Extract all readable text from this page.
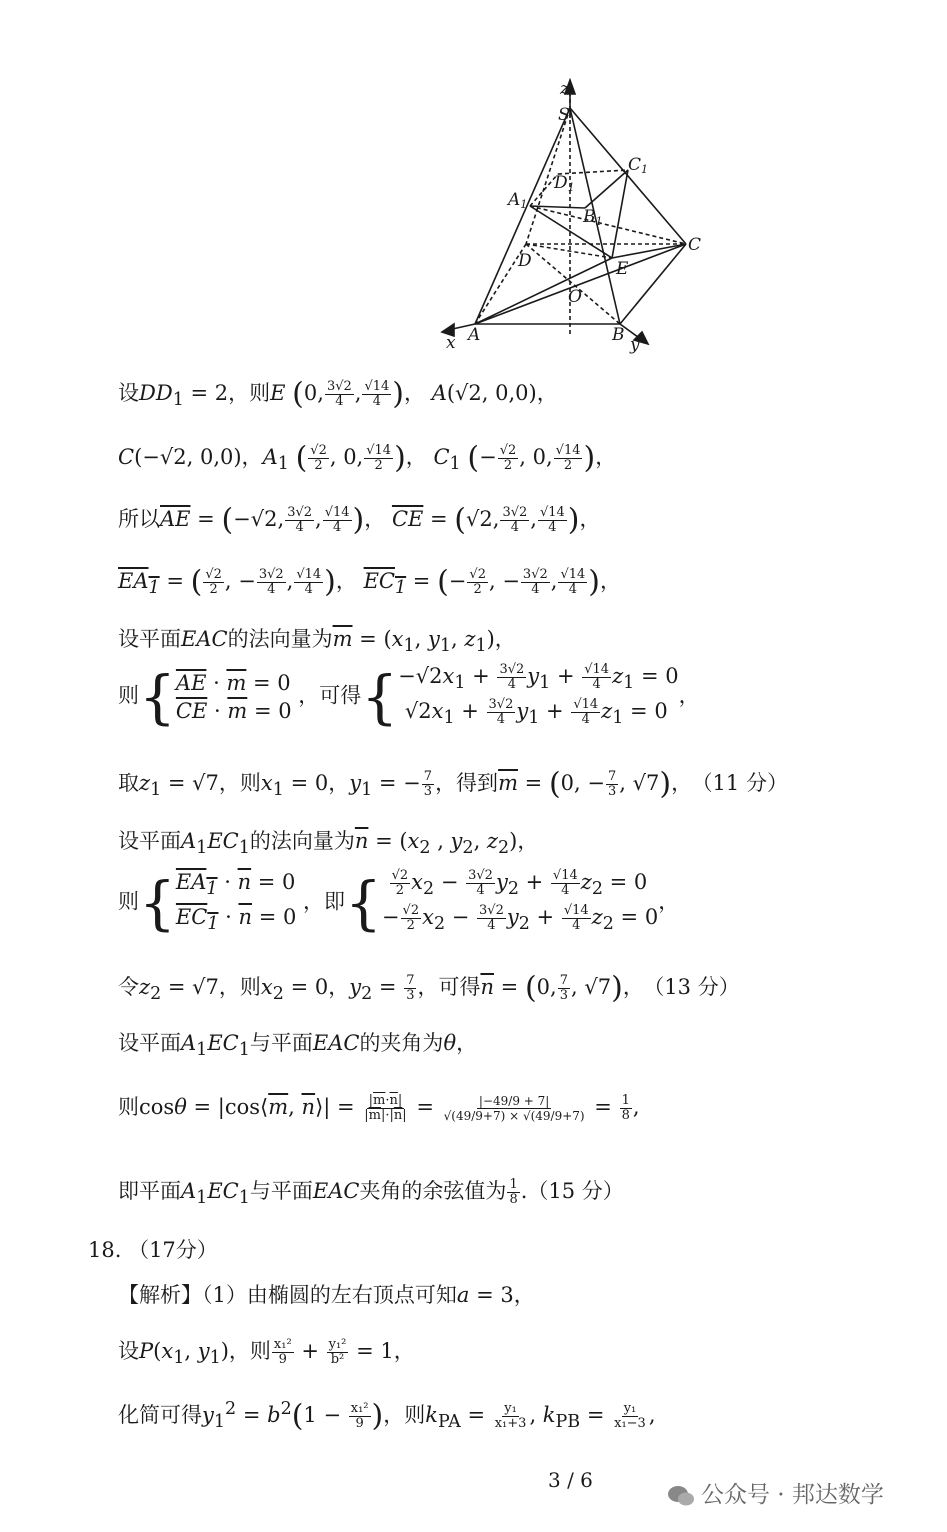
z
S
C1
D1
A1
B1
C
D	E
O
A	B
x	y
设$DD_1 = 2$，则E (0, $\frac{3√2}{4}$ , $\frac{√14}{4}$ )， A(√2, 0,0)，
C(−√2, 0,0)，$A_1$ ( $\frac{√2}{2}$ , 0, $\frac{√14}{2}$ )， $C_1$ (− $\frac{√2}{2}$ , 0, $\frac{√14}{2}$ )，
所以$\overline{AE} = (-√2$, $\frac{3√2}{4}$ , $\frac{√14}{4}$ )， $\overline{CE} = (√2$, $\frac{3√2}{4}$ , $\frac{√14}{4}$ )，
$EA_1$ = ( $\frac{√2}{2}$ , − $\frac{3√2}{4}$ , $\frac{√14}{4}$ )， $EC_1$ = (− $\frac{√2}{2}$ , − $\frac{3√2}{4}$ , $\frac{√14}{4}$ )，
设平面EAC的法向量为$\overline{m} = (x_1$, $y_1$, $z_1$)，
则{ $\overline{AE} \cdot \overline{m} = 0$
$\overline{CE} \cdot \overline{m} = 0$
，可得{ $-√2x_1 + \frac{3√2}{4} y_1 + \frac{√14}{4} z_1 = 0$
$√2x_1 + \frac{3√2}{4} y_1 + \frac{√14}{4} z_1 = 0$
，
取$z_1 = √7$，则$x_1 = 0$，$y_1$ = − $\frac{7}{3}$ ，得到$\overline{m} = (0$, − $\frac{7}{3}$ , √7)， （11 分）
设平面$A_1EC_1$的法向量为$\overline{n} = (x_2$ , $y_2$, $z_2$)，
则{ $EA_1 \cdot \overline{n} = 0$
$EC_1 \cdot \overline{n} = 0$
，即{
$\frac{√2}{2} x_2 - \frac{3√2}{4} y_2 + \frac{√14}{4} z_2 = 0$
− $\frac{√2}{2} x_2 - \frac{3√2}{4} y_2 + \frac{√14}{4} z_2 = 0$
，
令$z_2 = √7$，则$x_2 = 0$，$y_2 = \frac{7}{3}$ ，可得$\overline{n} = (0$, $\frac{7}{3}$ , √7)， （13 分）
设平面$A_1EC_1$与平面EAC的夹角为θ，
则$\cos\theta = |\cos⟨\overline{m}$, $\overline{n}⟩| = \frac{|\overline{m}\cdot\overline{n}|}{|\overline{m}|\cdot|\overline{n}|} = \frac{|-49/9 + 7|}{√(49/9+7) \times √(49/9+7)} = \frac{1}{8}$ ,
即平面$A_1EC_1$与平面EAC夹角的余弦值为 $\frac{1}{8} .(15$ 分）
18. （17分）
【解析】（1）由椭圆的左右顶点可知a = 3，
设$P(x_1$, $y_1$)，则 $\frac{\text{x₁²}}{9} + \frac{\text{y₁²}}{\text{b²}} = 1$，
化简可得$y_1^2 = b^2(1 - \frac{\text{x₁²}}{9}$ )，则$k_{PA} = \frac{\text{y₁}}{\text{x₁+3}}$ , $k_{PB} = \frac{\text{y₁}}{\text{x₁−3}}$ ,
3 / 6
公众号 · 邦达数学
